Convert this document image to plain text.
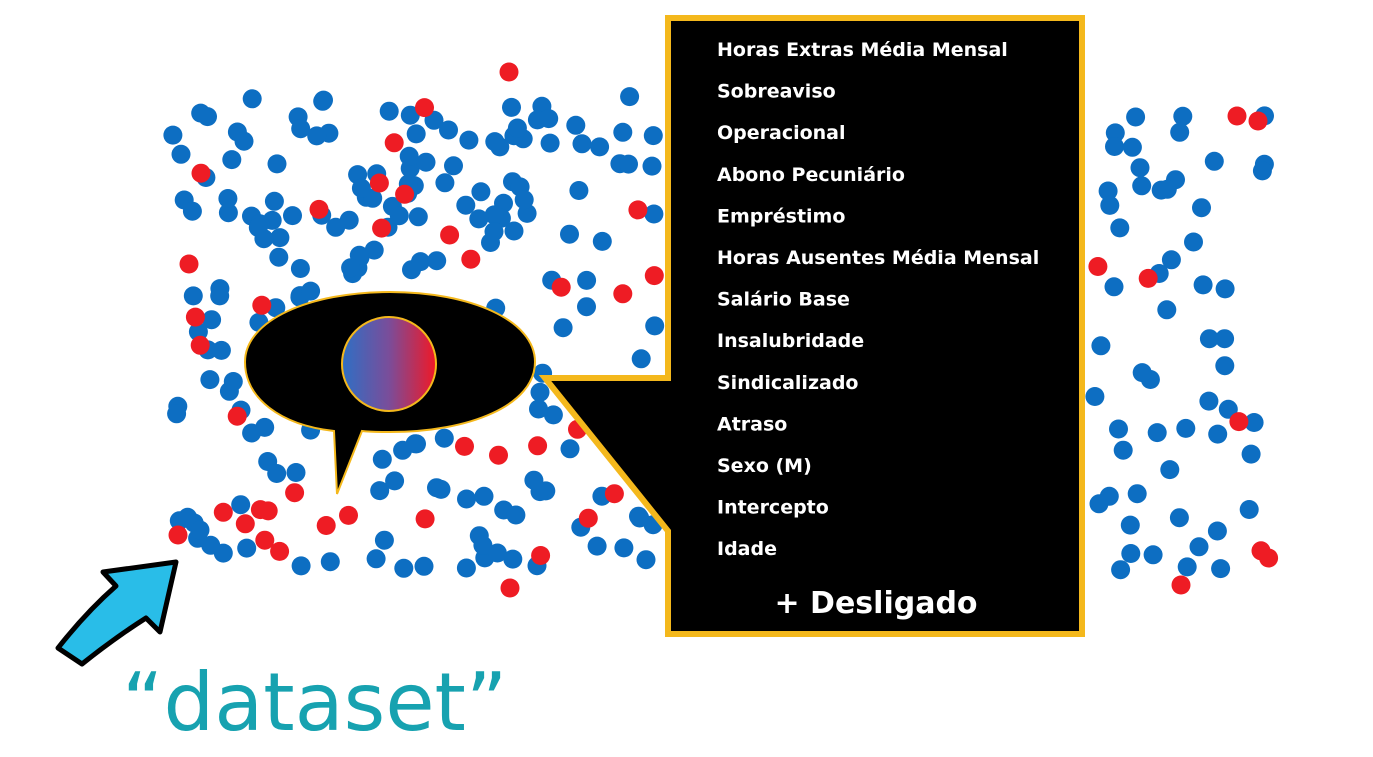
Horas Extras Média Mensal
Sobreaviso
Operacional
Abono Pecuniário
Empréstimo
Horas Ausentes Média Mensal
Salário Base
Insalubridade
Sindicalizado
Atraso
Sexo (M)
Intercepto
Idade
+ Desligado
“dataset”
